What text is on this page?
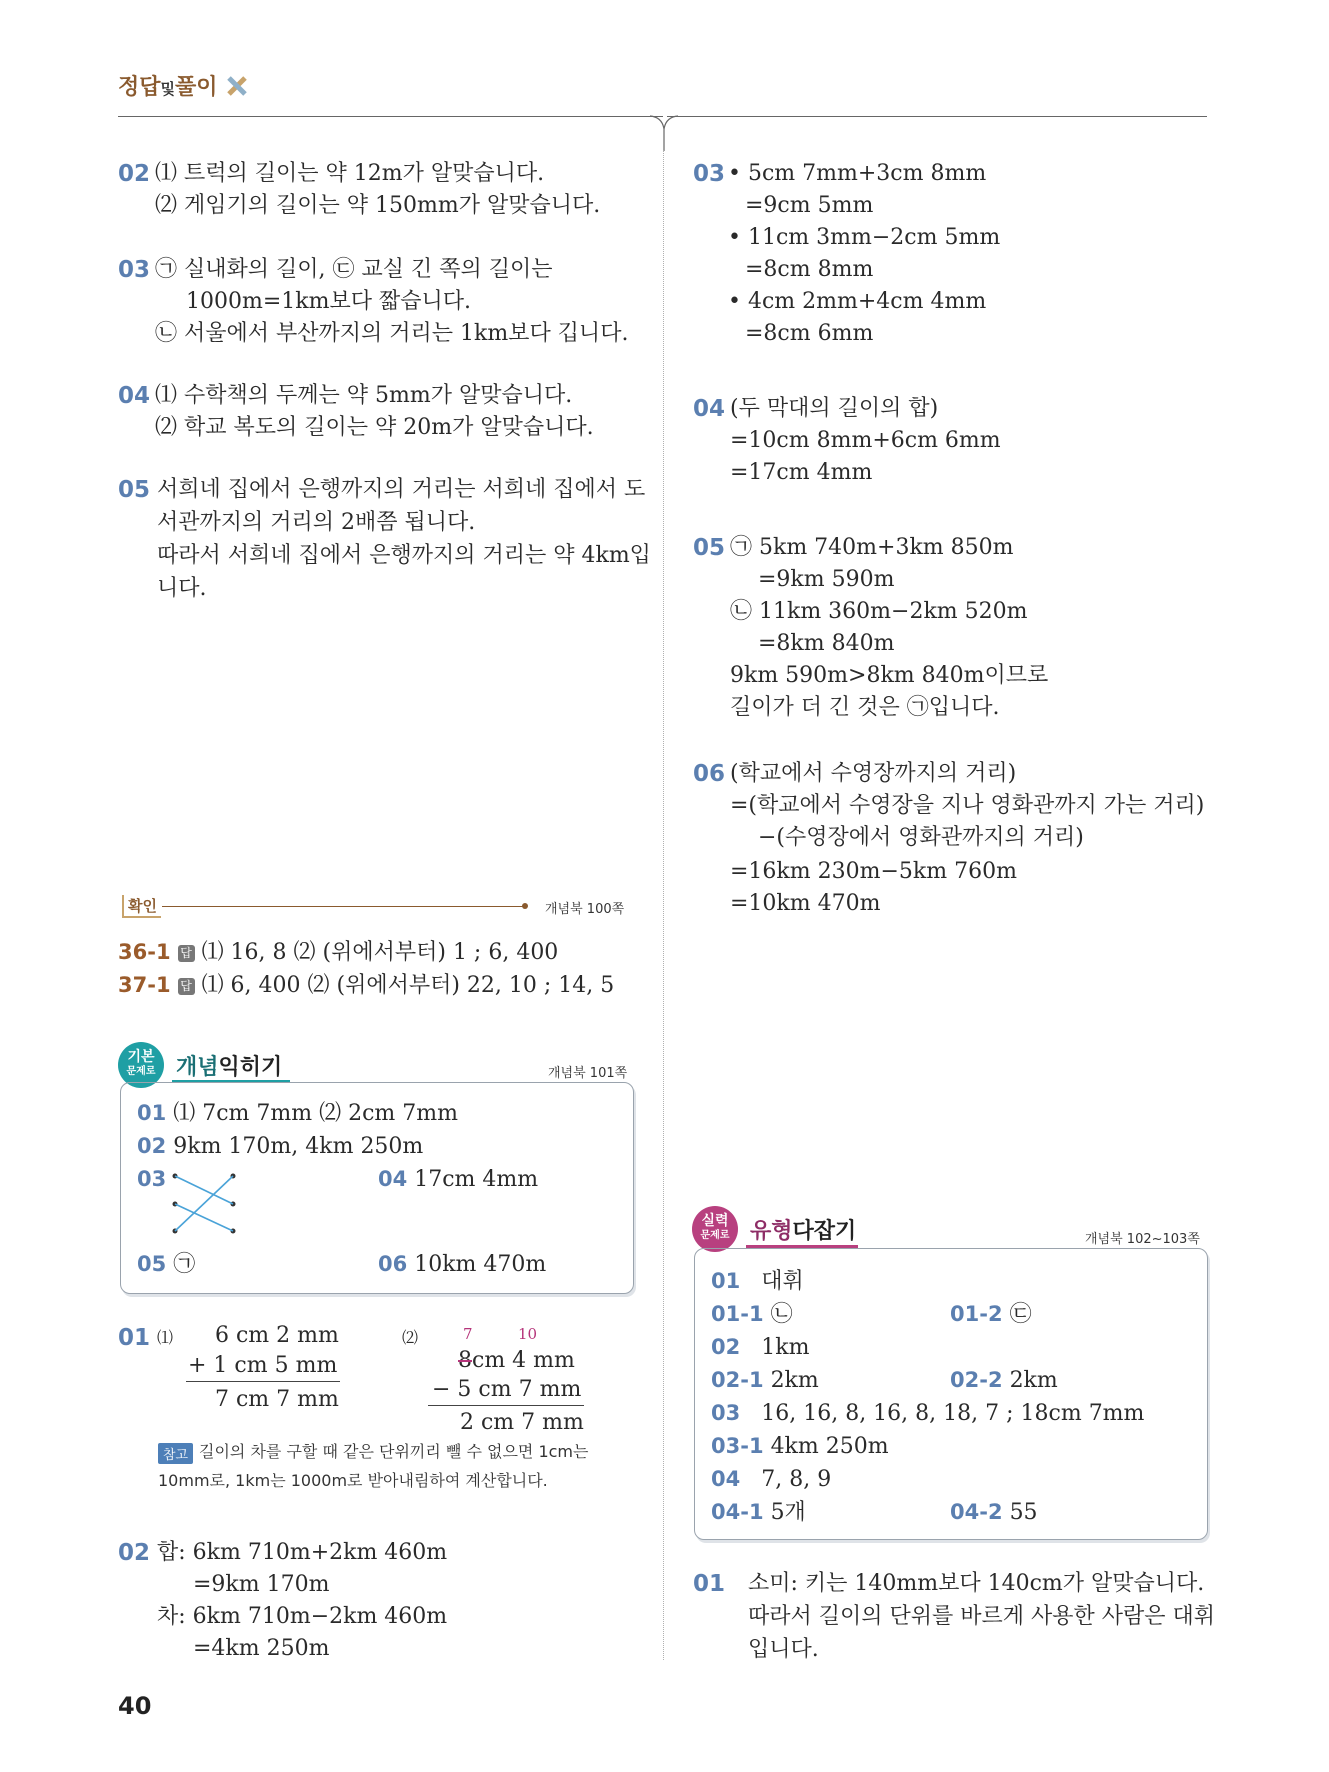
정답및풀이
02 ⑴ 트럭의 길이는 약 12m가 알맞습니다.
⑵ 게임기의 길이는 약 150mm가 알맞습니다.
03 ㉠ 실내화의 길이, ㉢ 교실 긴 쪽의 길이는
1000m=1km보다 짧습니다.
㉡ 서울에서 부산까지의 거리는 1km보다 깁니다.
04 ⑴ 수학책의 두께는 약 5mm가 알맞습니다.
⑵ 학교 복도의 길이는 약 20m가 알맞습니다.
05 서희네 집에서 은행까지의 거리는 서희네 집에서 도
서관까지의 거리의 2배쯤 됩니다.
따라서 서희네 집에서 은행까지의 거리는 약 4km입
니다.
확인	개념북 100쪽
36-1 답 ⑴ 16, 8 ⑵ (위에서부터) 1 ; 6, 400
37-1 답 ⑴ 6, 400 ⑵ (위에서부터) 22, 10 ; 14, 5
기본
문제로 개념익히기	개념북 101쪽
01 ⑴ 7cm 7mm ⑵ 2cm 7mm
02 9km 170m, 4km 250m
03	04 17cm 4mm
05 ㉠	06 10km 470m
01 ⑴ 6 cm 2 mm
+ 1 cm 5 mm
7 cm 7 mm
⑵	7	10
8cm 4 mm
− 5 cm 7 mm
2 cm 7 mm
참고 길이의 차를 구할 때 같은 단위끼리 뺄 수 없으면 1cm는
10mm로, 1km는 1000m로 받아내림하여 계산합니다.
02 합: 6km 710m+2km 460m
=9km 170m
차: 6km 710m−2km 460m
=4km 250m
40
03 • 5cm 7mm+3cm 8mm
=9cm 5mm
• 11cm 3mm−2cm 5mm
=8cm 8mm
• 4cm 2mm+4cm 4mm
=8cm 6mm
04 (두 막대의 길이의 합)
=10cm 8mm+6cm 6mm
=17cm 4mm
05 ㉠ 5km 740m+3km 850m
=9km 590m
㉡ 11km 360m−2km 520m
=8km 840m
9km 590m>8km 840m이므로
길이가 더 긴 것은 ㉠입니다.
06 (학교에서 수영장까지의 거리)
=(학교에서 수영장을 지나 영화관까지 가는 거리)
−(수영장에서 영화관까지의 거리)
=16km 230m−5km 760m
=10km 470m
실력
문제로 유형다잡기	개념북 102~103쪽
01 대휘
01-1 ㉡	01-2 ㉢
02 1km
02-1 2km	02-2 2km
03 16, 16, 8, 16, 8, 18, 7 ; 18cm 7mm
03-1 4km 250m
04 7, 8, 9
04-1 5개	04-2 55
01 소미: 키는 140mm보다 140cm가 알맞습니다.
따라서 길이의 단위를 바르게 사용한 사람은 대휘
입니다.
